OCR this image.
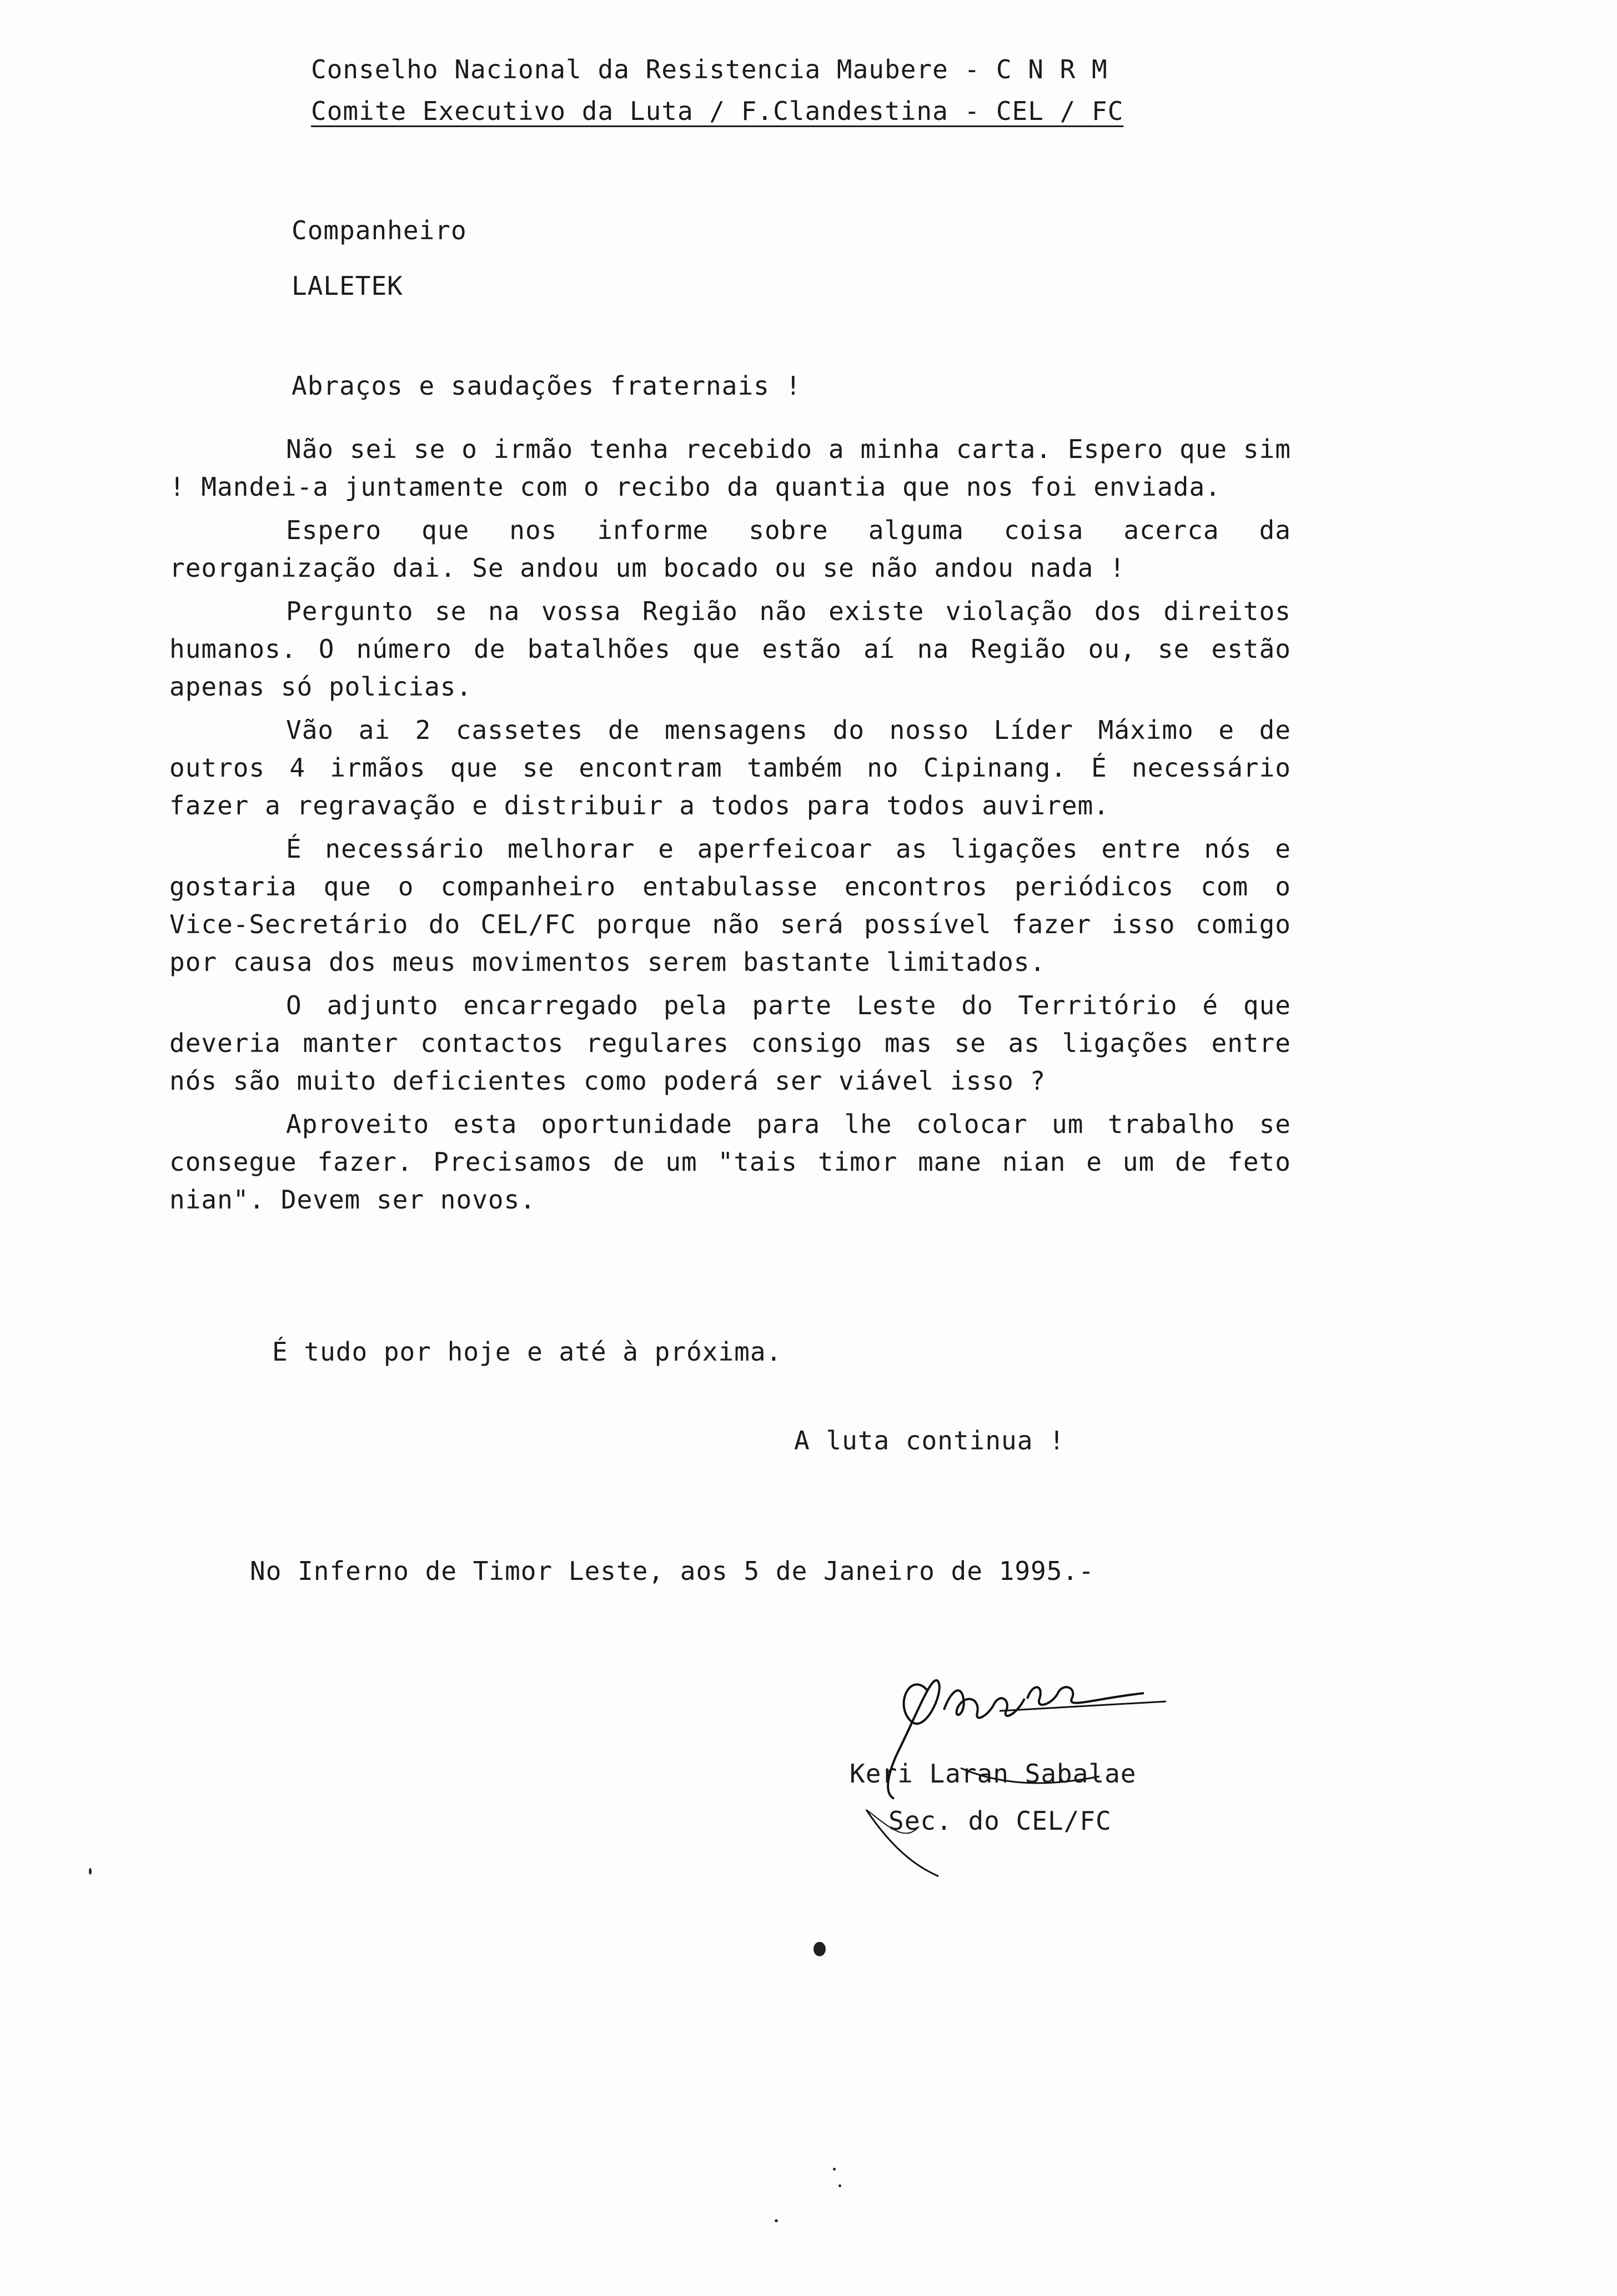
Conselho Nacional da Resistencia Maubere - C N R M
Comite Executivo da Luta / F.Clandestina - CEL / FC
Companheiro
LALETEK
Abraços e saudações fraternais !

Não sei se o irmão tenha recebido a minha carta. Espero que sim ! Mandei-a juntamente com o recibo da quantia que nos foi enviada.

Espero que nos informe sobre alguma coisa acerca da reorganização dai. Se andou um bocado ou se não andou nada !

Pergunto se na vossa Região não existe violação dos direitos humanos. O número de batalhões que estão aí na Região ou, se estão apenas só policias.

Vão ai 2 cassetes de mensagens do nosso Líder Máximo e de outros 4 irmãos que se encontram também no Cipinang. É necessário fazer a regravação e distribuir a todos para todos auvirem.

É necessário melhorar e aperfeicoar as ligações entre nós e gostaria que o companheiro entabulasse encontros periódicos com o Vice-Secretário do CEL/FC porque não será possível fazer isso comigo por causa dos meus movimentos serem bastante limitados.

O adjunto encarregado pela parte Leste do Território é que deveria manter contactos regulares consigo mas se as ligações entre nós são muito deficientes como poderá ser viável isso ?

Aproveito esta oportunidade para lhe colocar um trabalho se consegue fazer. Precisamos de um "tais timor mane nian e um de feto nian". Devem ser novos.

É tudo por hoje e até à próxima.
A luta continua !
No Inferno de Timor Leste, aos 5 de Janeiro de 1995.-
Keri Laran Sabalae
Sec. do CEL/FC
